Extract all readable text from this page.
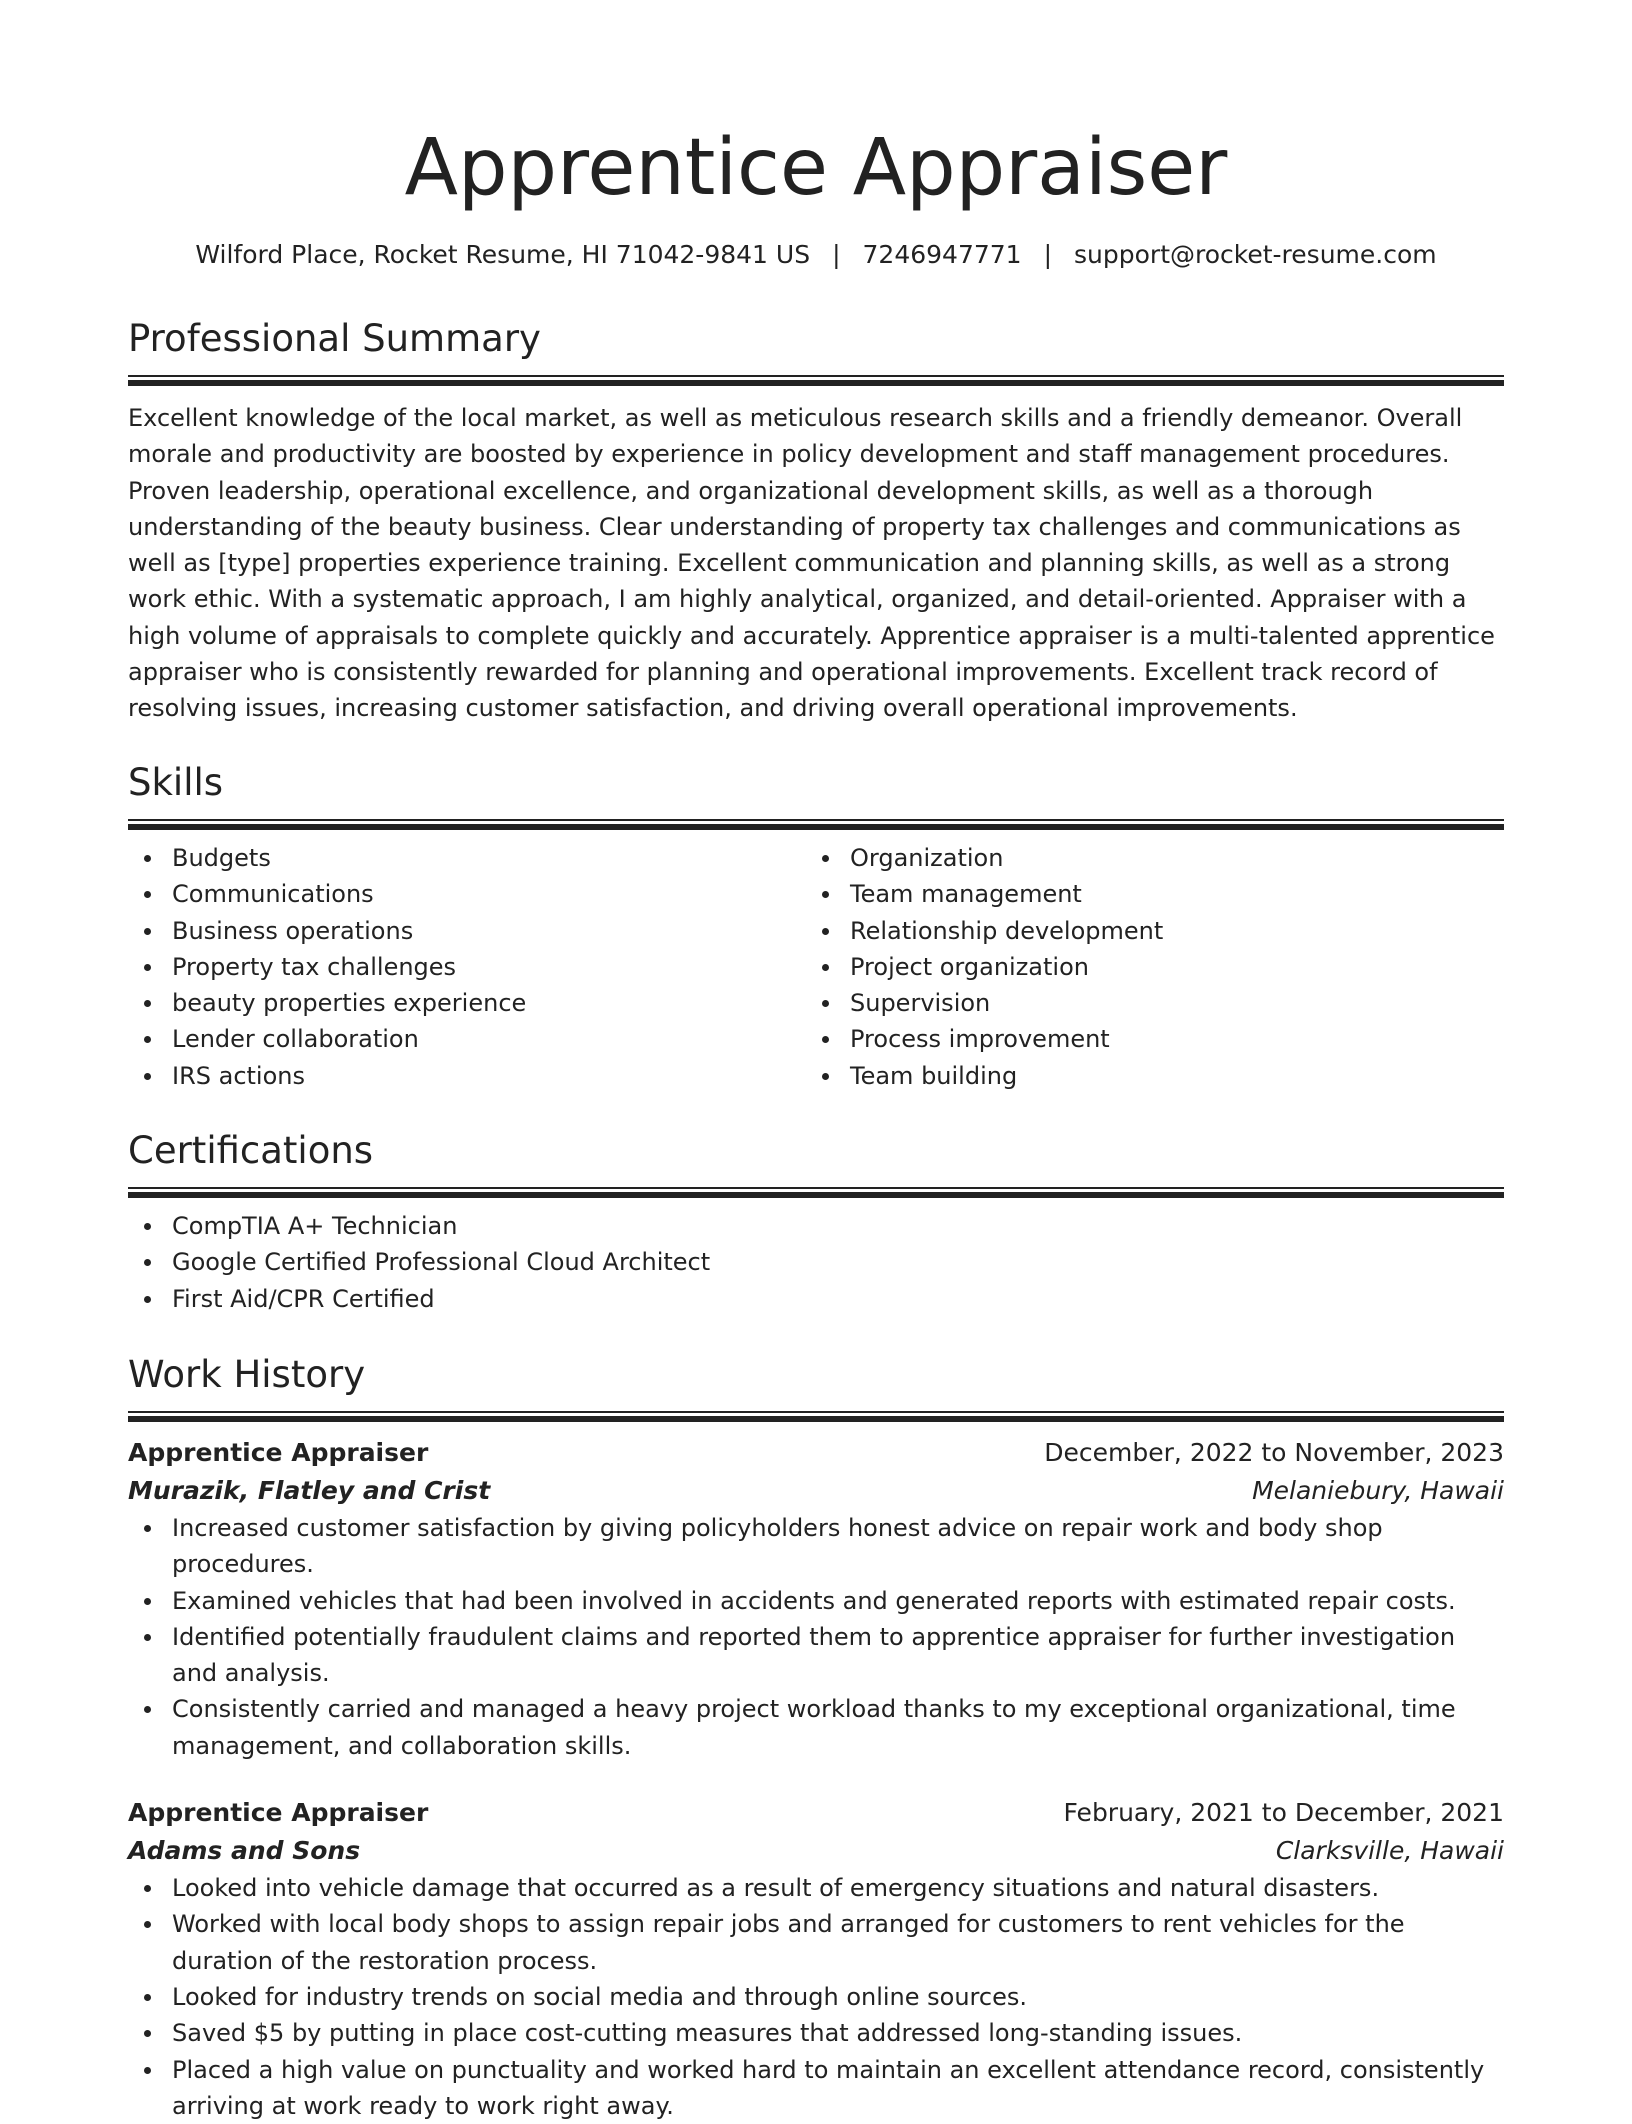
Apprentice Appraiser
Wilford Place, Rocket Resume, HI 71042-9841 US | 7246947771 | support@rocket-resume.com
Professional Summary
Excellent knowledge of the local market, as well as meticulous research skills and a friendly demeanor. Overall morale and productivity are boosted by experience in policy development and staff management procedures. Proven leadership, operational excellence, and organizational development skills, as well as a thorough understanding of the beauty business. Clear understanding of property tax challenges and communications as well as [type] properties experience training. Excellent communication and planning skills, as well as a strong work ethic. With a systematic approach, I am highly analytical, organized, and detail-oriented. Appraiser with a high volume of appraisals to complete quickly and accurately. Apprentice appraiser is a multi-talented apprentice appraiser who is consistently rewarded for planning and operational improvements. Excellent track record of resolving issues, increasing customer satisfaction, and driving overall operational improvements.
Skills
Budgets
Communications
Business operations
Property tax challenges
beauty properties experience
Lender collaboration
IRS actions
Organization
Team management
Relationship development
Project organization
Supervision
Process improvement
Team building
Certifications
CompTIA A+ Technician
Google Certified Professional Cloud Architect
First Aid/CPR Certified
Work History
Apprentice Appraiser	December, 2022 to November, 2023
Murazik, Flatley and Crist	Melaniebury, Hawaii
Increased customer satisfaction by giving policyholders honest advice on repair work and body shop procedures.
Examined vehicles that had been involved in accidents and generated reports with estimated repair costs.
Identified potentially fraudulent claims and reported them to apprentice appraiser for further investigation and analysis.
Consistently carried and managed a heavy project workload thanks to my exceptional organizational, time management, and collaboration skills.
Apprentice Appraiser	February, 2021 to December, 2021
Adams and Sons	Clarksville, Hawaii
Looked into vehicle damage that occurred as a result of emergency situations and natural disasters.
Worked with local body shops to assign repair jobs and arranged for customers to rent vehicles for the duration of the restoration process.
Looked for industry trends on social media and through online sources.
Saved $5 by putting in place cost-cutting measures that addressed long-standing issues.
Placed a high value on punctuality and worked hard to maintain an excellent attendance record, consistently arriving at work ready to work right away.
